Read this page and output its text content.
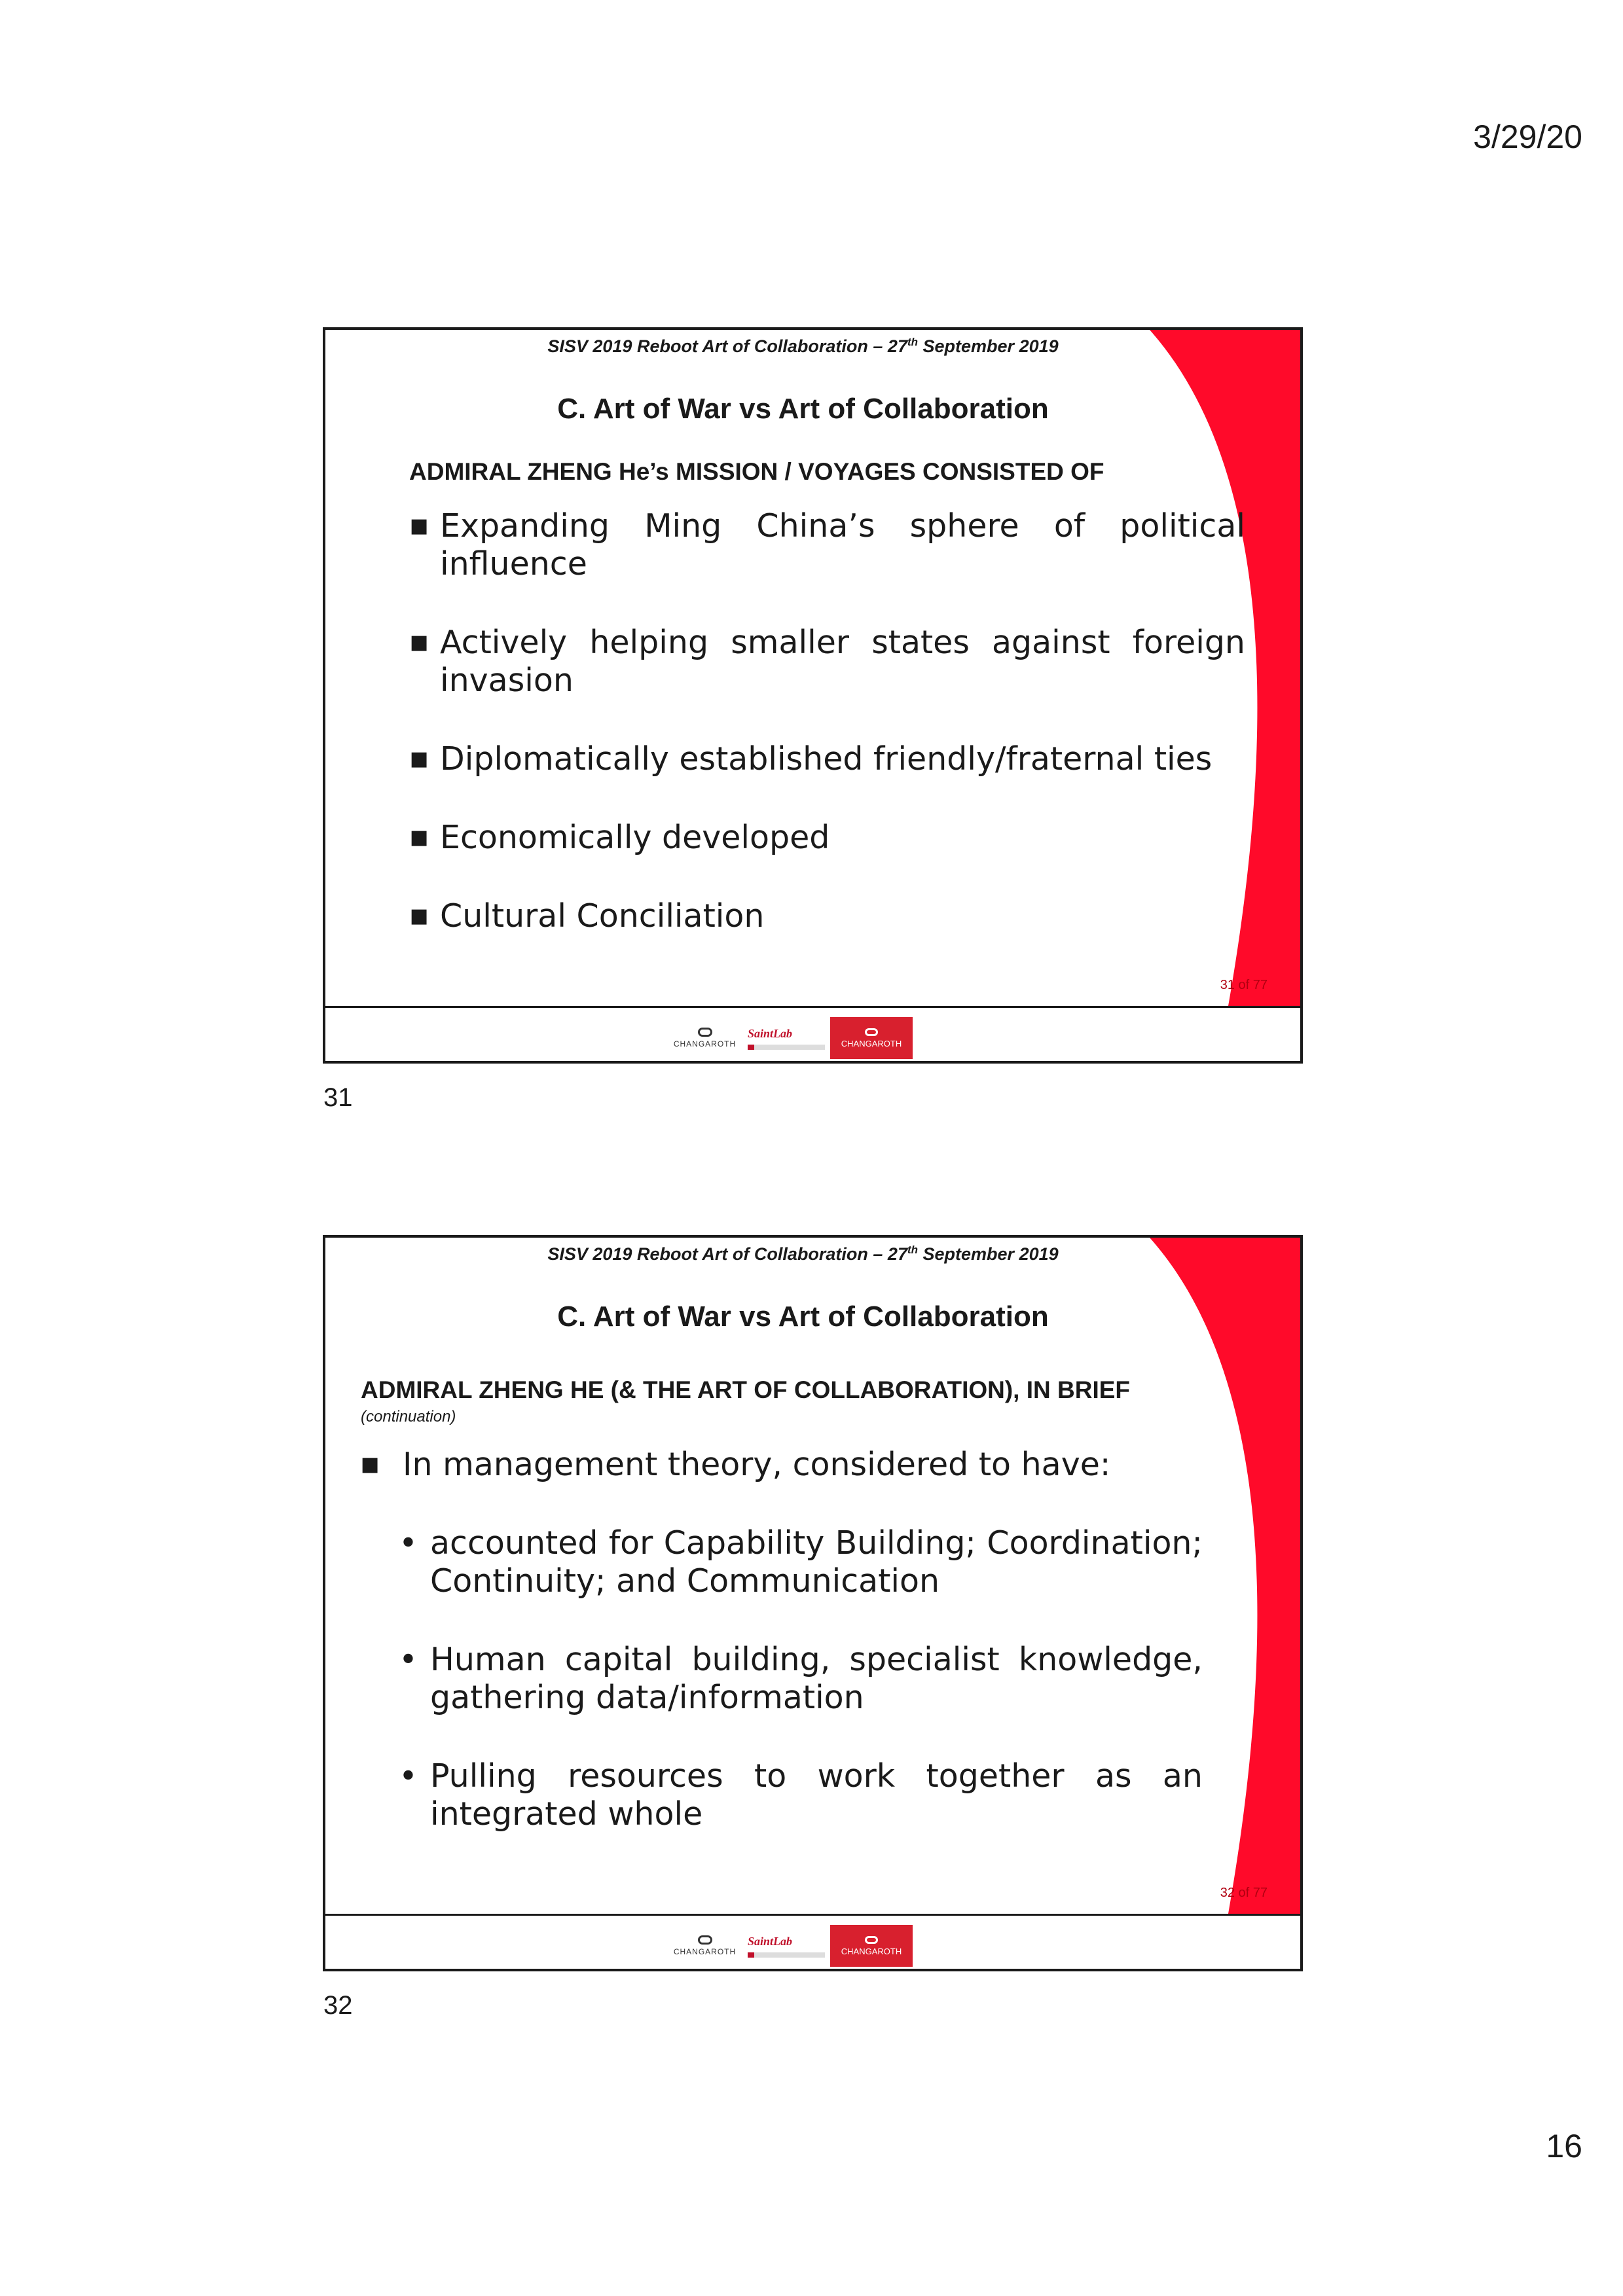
3/29/20
SISV 2019 Reboot Art of Collaboration – 27th September 2019
C. Art of War vs Art of Collaboration
ADMIRAL ZHENG He’s MISSION / VOYAGES CONSISTED OF
■ Expanding Ming China’s sphere of political influence
■ Actively helping smaller states against foreign invasion
■ Diplomatically established friendly/fraternal ties
■ Economically developed
■ Cultural Conciliation
31 of 77
CHANGAROTH
SaintLab
CHANGAROTH
31
SISV 2019 Reboot Art of Collaboration – 27th September 2019
C. Art of War vs Art of Collaboration
ADMIRAL ZHENG HE (& THE ART OF COLLABORATION), IN BRIEF
(continuation)
■ In management theory, considered to have:
• accounted for Capability Building; Coordination; Continuity; and Communication
• Human capital building, specialist knowledge, gathering data/information
• Pulling resources to work together as an integrated whole
32 of 77
CHANGAROTH
SaintLab
CHANGAROTH
32
16
